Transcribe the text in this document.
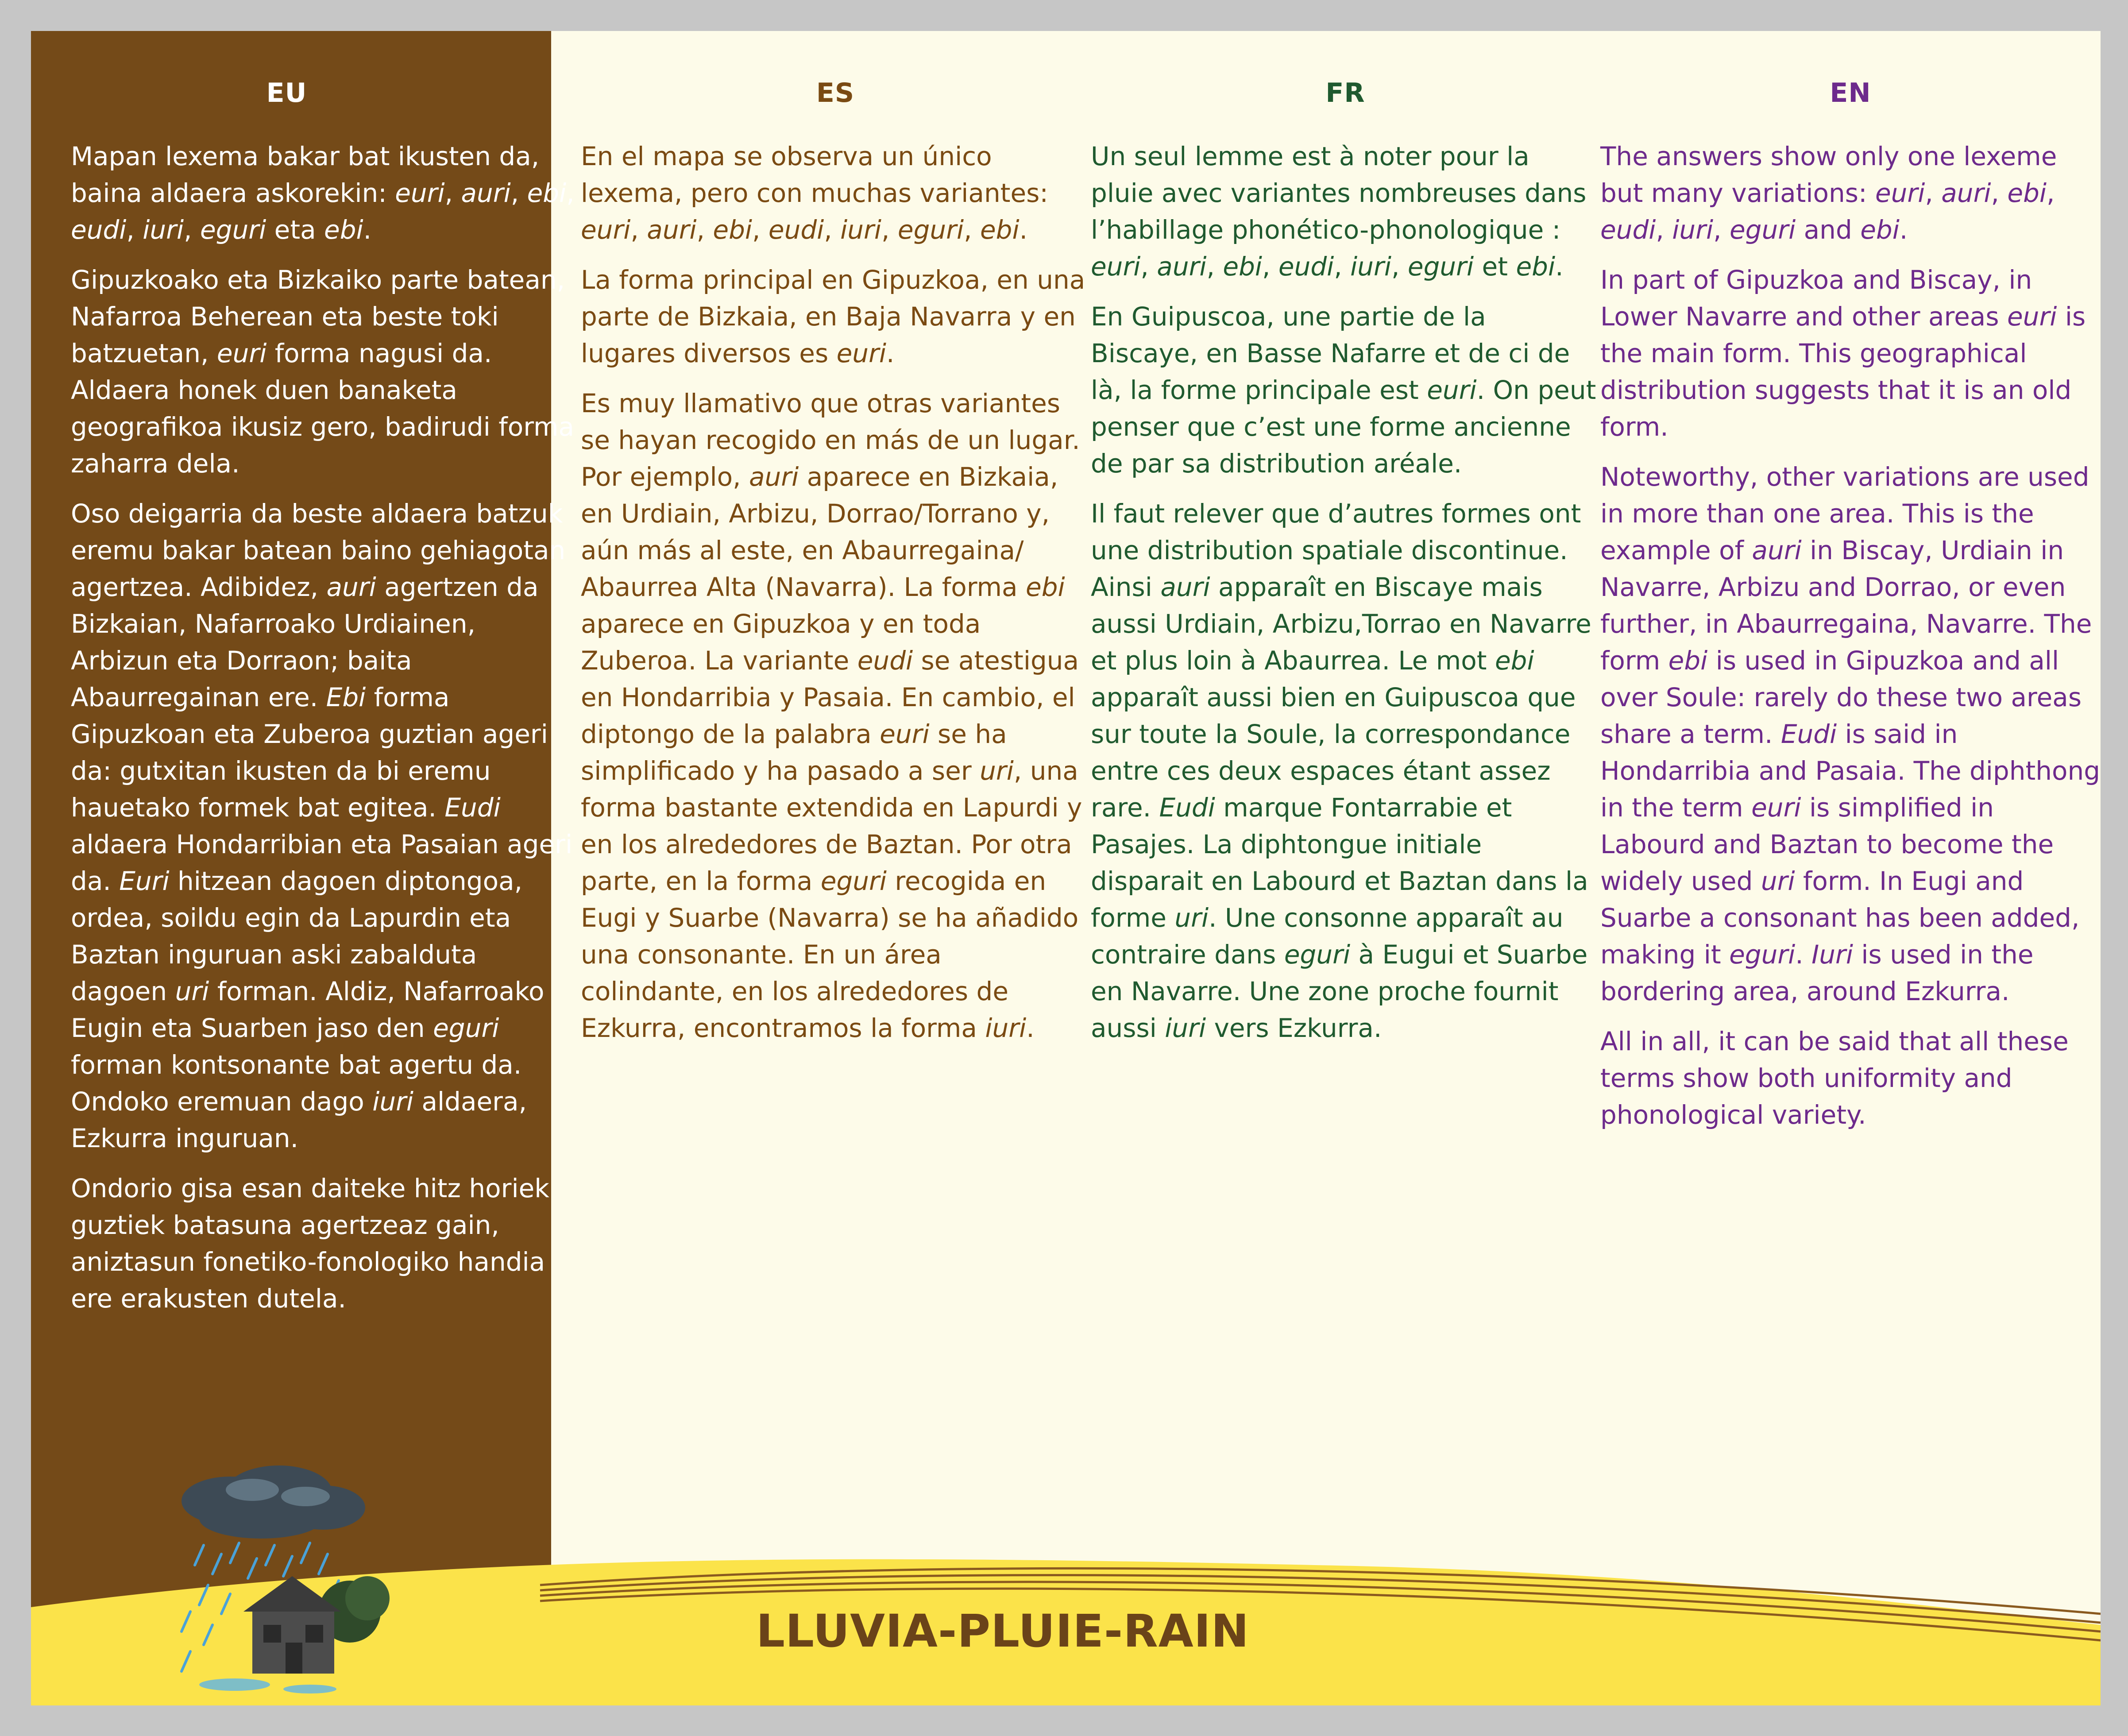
EU

Mapan lexema bakar bat ikusten da, baina aldaera askorekin: euri, auri, ebi, eudi, iuri, eguri eta ebi.

Gipuzkoako eta Bizkaiko parte batean, Nafarroa Beherean eta beste toki batzuetan, euri forma nagusi da. Aldaera honek duen banaketa geografikoa ikusiz gero, badirudi forma zaharra dela.

Oso deigarria da beste aldaera batzuk eremu bakar batean baino gehiagotan agertzea. Adibidez, auri agertzen da Bizkaian, Nafarroako Urdiainen, Arbizun eta Dorraon; baita Abaurregainan ere. Ebi forma Gipuzkoan eta Zuberoa guztian ageri da: gutxitan ikusten da bi eremu hauetako formek bat egitea. Eudi aldaera Hondarribian eta Pasaian ageri da. Euri hitzean dagoen diptongoa, ordea, soildu egin da Lapurdin eta Baztan inguruan aski zabalduta dagoen uri forman. Aldiz, Nafarroako Eugin eta Suarben jaso den eguri forman kontsonante bat agertu da. Ondoko eremuan dago iuri aldaera, Ezkurra inguruan.

Ondorio gisa esan daiteke hitz horiek guztiek batasuna agertzeaz gain, aniztasun fonetiko-fonologiko handia ere erakusten dutela.

ES

En el mapa se observa un único lexema, pero con muchas variantes: euri, auri, ebi, eudi, iuri, eguri, ebi.

La forma principal en Gipuzkoa, en una parte de Bizkaia, en Baja Navarra y en lugares diversos es euri.

Es muy llamativo que otras variantes se hayan recogido en más de un lugar. Por ejemplo, auri aparece en Bizkaia, en Urdiain, Arbizu, Dorrao/Torrano y, aún más al este, en Abaurregaina/ Abaurrea Alta (Navarra). La forma ebi aparece en Gipuzkoa y en toda Zuberoa. La variante eudi se atestigua en Hondarribia y Pasaia. En cambio, el diptongo de la palabra euri se ha simplificado y ha pasado a ser uri, una forma bastante extendida en Lapurdi y en los alrededores de Baztan. Por otra parte, en la forma eguri recogida en Eugi y Suarbe (Navarra) se ha añadido una consonante. En un área colindante, en los alrededores de Ezkurra, encontramos la forma iuri.

FR

Un seul lemme est à noter pour la pluie avec variantes nombreuses dans l’habillage phonético-phonologique : euri, auri, ebi, eudi, iuri, eguri et ebi.

En Guipuscoa, une partie de la Biscaye, en Basse Nafarre et de ci de là, la forme principale est euri. On peut penser que c’est une forme ancienne de par sa distribution aréale.

Il faut relever que d’autres formes ont une distribution spatiale discontinue. Ainsi auri apparaît en Biscaye mais aussi Urdiain, Arbizu,Torrao en Navarre et plus loin à Abaurrea. Le mot ebi apparaît aussi bien en Guipuscoa que sur toute la Soule, la correspondance entre ces deux espaces étant assez rare. Eudi marque Fontarrabie et Pasajes. La diphtongue initiale disparait en Labourd et Baztan dans la forme uri. Une consonne apparaît au contraire dans eguri à Eugui et Suarbe en Navarre. Une zone proche fournit aussi iuri vers Ezkurra.

EN

The answers show only one lexeme but many variations: euri, auri, ebi, eudi, iuri, eguri and ebi.

In part of Gipuzkoa and Biscay, in Lower Navarre and other areas euri is the main form. This geographical distribution suggests that it is an old form.

Noteworthy, other variations are used in more than one area. This is the example of auri in Biscay, Urdiain in Navarre, Arbizu and Dorrao, or even further, in Abaurregaina, Navarre. The form ebi is used in Gipuzkoa and all over Soule: rarely do these two areas share a term. Eudi is said in Hondarribia and Pasaia. The diphthong in the term euri is simplified in Labourd and Baztan to become the widely used uri form. In Eugi and Suarbe a consonant has been added, making it eguri. Iuri is used in the bordering area, around Ezkurra.

All in all, it can be said that all these terms show both uniformity and phonological variety.

LLUVIA-PLUIE-RAIN
